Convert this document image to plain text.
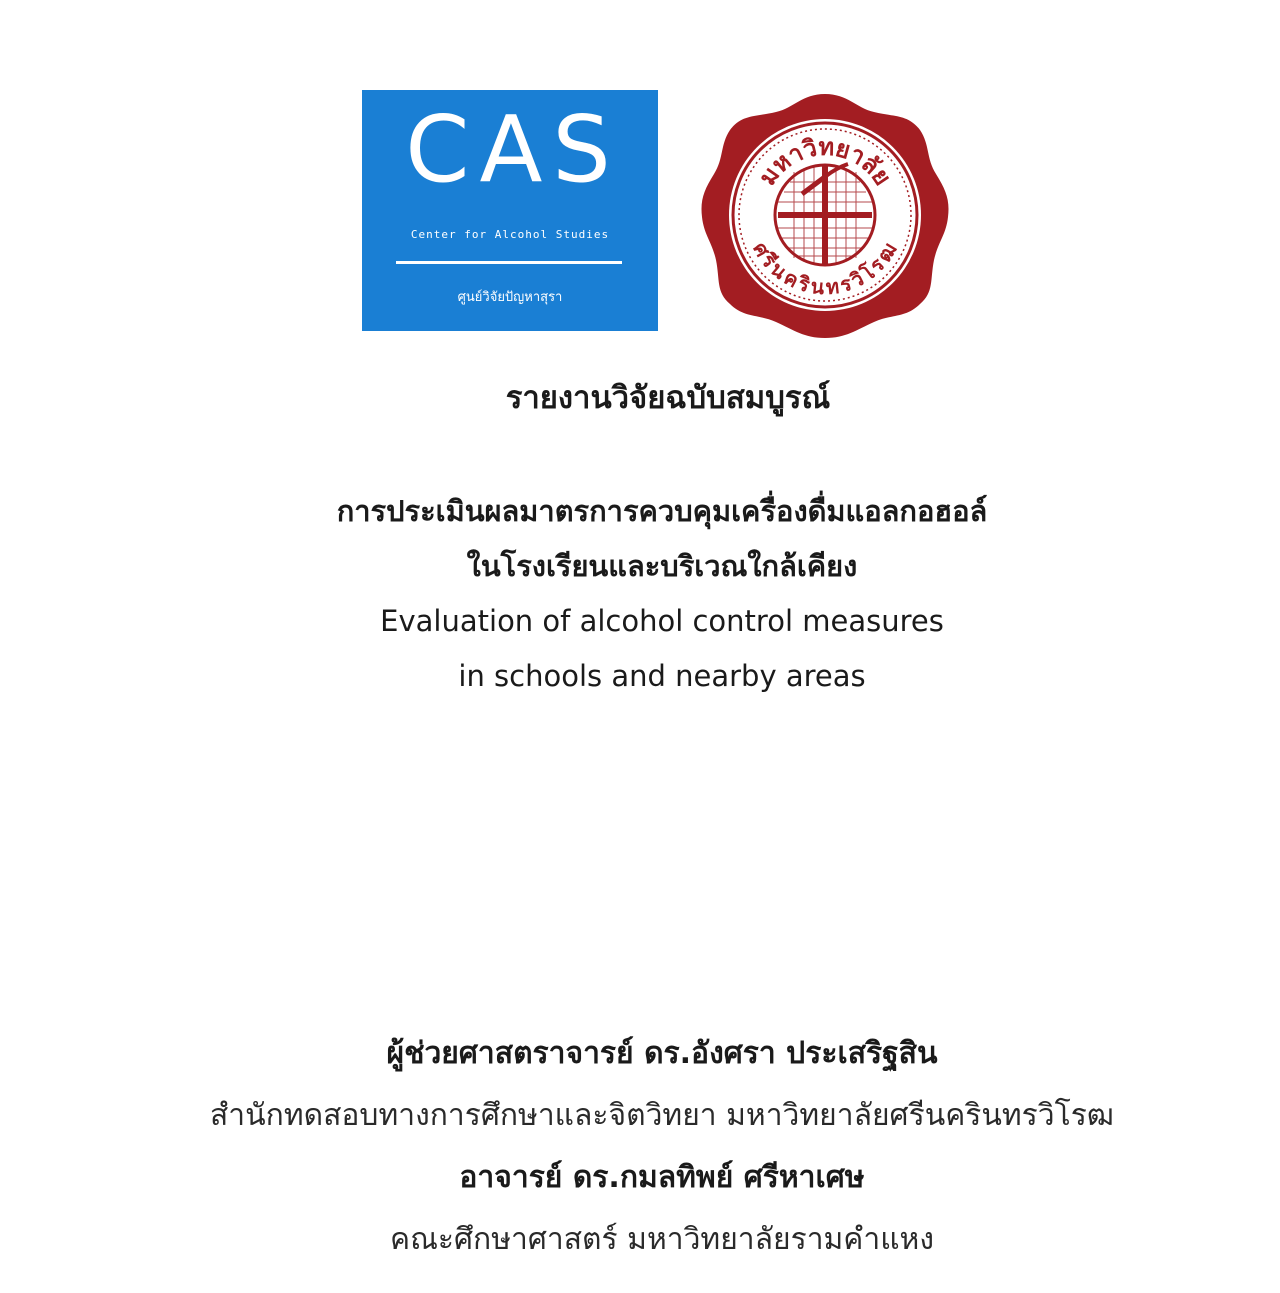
CAS
Center for Alcohol Studies
ศูนย์วิจัยปัญหาสุรา
มหาวิทยาลัย
ศรีนครินทรวิโรฒ
รายงานวิจัยฉบับสมบูรณ์
การประเมินผลมาตรการควบคุมเครื่องดื่มแอลกอฮอล์
ในโรงเรียนและบริเวณใกล้เคียง
Evaluation of alcohol control measures
in schools and nearby areas
ผู้ช่วยศาสตราจารย์ ดร.อังศรา ประเสริฐสิน
สำนักทดสอบทางการศึกษาและจิตวิทยา มหาวิทยาลัยศรีนครินทรวิโรฒ
อาจารย์ ดร.กมลทิพย์ ศรีหาเศษ
คณะศึกษาศาสตร์ มหาวิทยาลัยรามคำแหง
